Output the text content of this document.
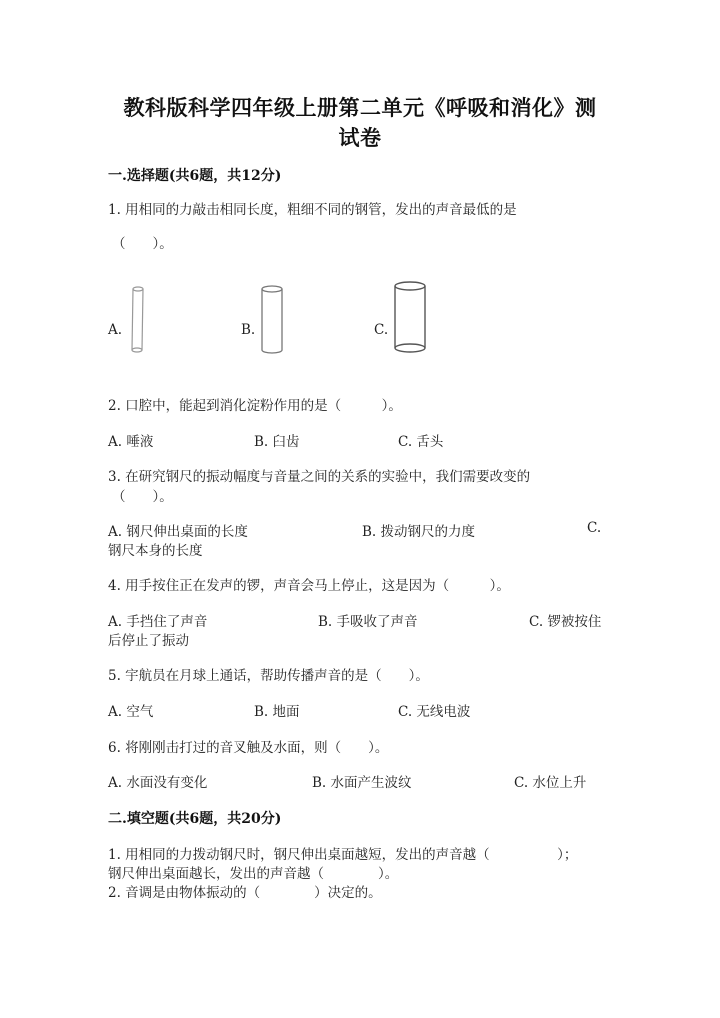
教科版科学四年级上册第二单元《呼吸和消化》测
试卷
一.选择题(共6题，共12分)
1. 用相同的力敲击相同长度，粗细不同的钢管，发出的声音最低的是
（　　）。
A.	B.	C.
2. 口腔中，能起到消化淀粉作用的是（　　　）。
A. 唾液	B. 臼齿	C. 舌头
3. 在研究钢尺的振动幅度与音量之间的关系的实验中，我们需要改变的
（　　）。
A. 钢尺伸出桌面的长度	B. 拨动钢尺的力度	C.
钢尺本身的长度
4. 用手按住正在发声的锣，声音会马上停止，这是因为（　　　）。
A. 手挡住了声音	B. 手吸收了声音	C. 锣被按住
后停止了振动
5. 宇航员在月球上通话，帮助传播声音的是（　　）。
A. 空气	B. 地面	C. 无线电波
6. 将刚刚击打过的音叉触及水面，则（　　）。
A. 水面没有变化	B. 水面产生波纹	C. 水位上升
二.填空题(共6题，共20分)
1. 用相同的力拨动钢尺时，钢尺伸出桌面越短，发出的声音越（　　　　　）；
钢尺伸出桌面越长，发出的声音越（　　　　）。
2. 音调是由物体振动的（　　　　）决定的。
